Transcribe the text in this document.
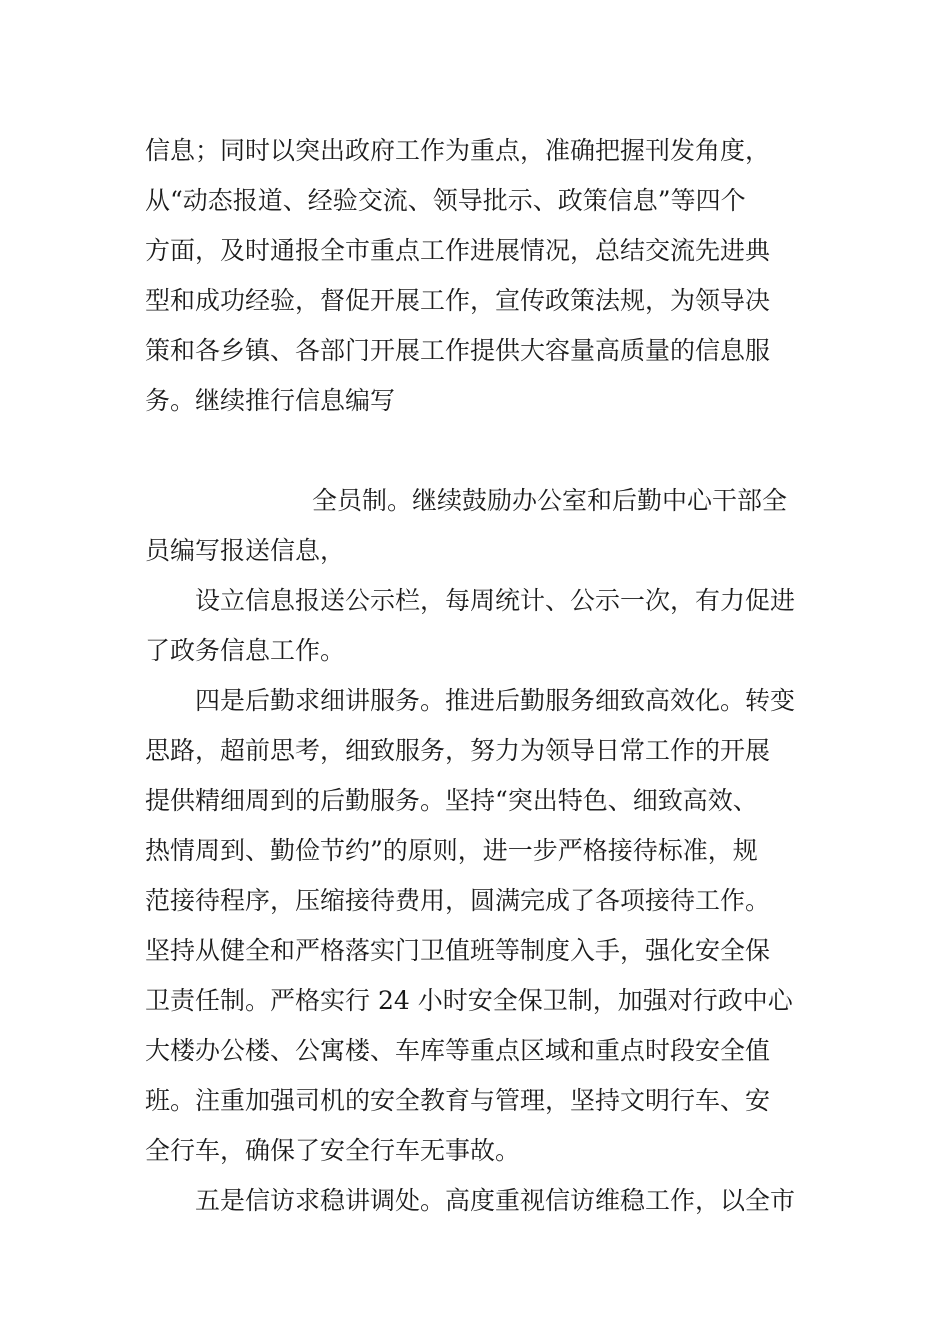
信息；同时以突出政府工作为重点，准确把握刊发角度，
从“动态报道、经验交流、领导批示、政策信息”等四个
方面，及时通报全市重点工作进展情况，总结交流先进典
型和成功经验，督促开展工作，宣传政策法规，为领导决
策和各乡镇、各部门开展工作提供大容量高质量的信息服
务。继续推行信息编写
全员制。继续鼓励办公室和后勤中心干部全
员编写报送信息，
设立信息报送公示栏，每周统计、公示一次，有力促进
了政务信息工作。
四是后勤求细讲服务。推进后勤服务细致高效化。转变
思路，超前思考，细致服务，努力为领导日常工作的开展
提供精细周到的后勤服务。坚持“突出特色、细致高效、
热情周到、勤俭节约”的原则，进一步严格接待标准，规
范接待程序，压缩接待费用，圆满完成了各项接待工作。
坚持从健全和严格落实门卫值班等制度入手，强化安全保
卫责任制。严格实行 24 小时安全保卫制，加强对行政中心
大楼办公楼、公寓楼、车库等重点区域和重点时段安全值
班。注重加强司机的安全教育与管理，坚持文明行车、安
全行车，确保了安全行车无事故。
五是信访求稳讲调处。高度重视信访维稳工作，以全市
